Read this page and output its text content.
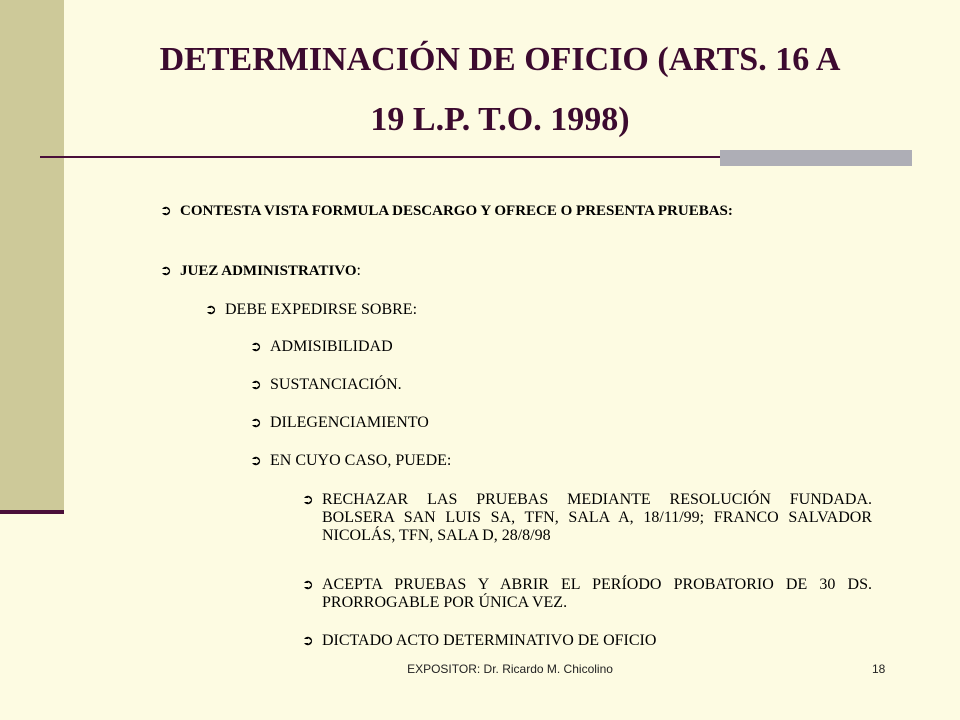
DETERMINACIÓN DE OFICIO (ARTS. 16 A
19 L.P. T.O. 1998)
➲ CONTESTA VISTA FORMULA DESCARGO Y OFRECE O PRESENTA PRUEBAS:
➲ JUEZ ADMINISTRATIVO:
➲ DEBE EXPEDIRSE SOBRE:
➲ ADMISIBILIDAD
➲ SUSTANCIACIÓN.
➲ DILEGENCIAMIENTO
➲ EN CUYO CASO, PUEDE:
➲ RECHAZAR LAS PRUEBAS MEDIANTE RESOLUCIÓN FUNDADA. BOLSERA SAN LUIS SA, TFN, SALA A, 18/11/99; FRANCO SALVADOR NICOLÁS, TFN, SALA D, 28/8/98
➲ ACEPTA PRUEBAS Y ABRIR EL PERÍODO PROBATORIO DE 30 DS. PRORROGABLE POR ÚNICA VEZ.
➲ DICTADO ACTO DETERMINATIVO DE OFICIO
EXPOSITOR: Dr. Ricardo M. Chicolino	18
